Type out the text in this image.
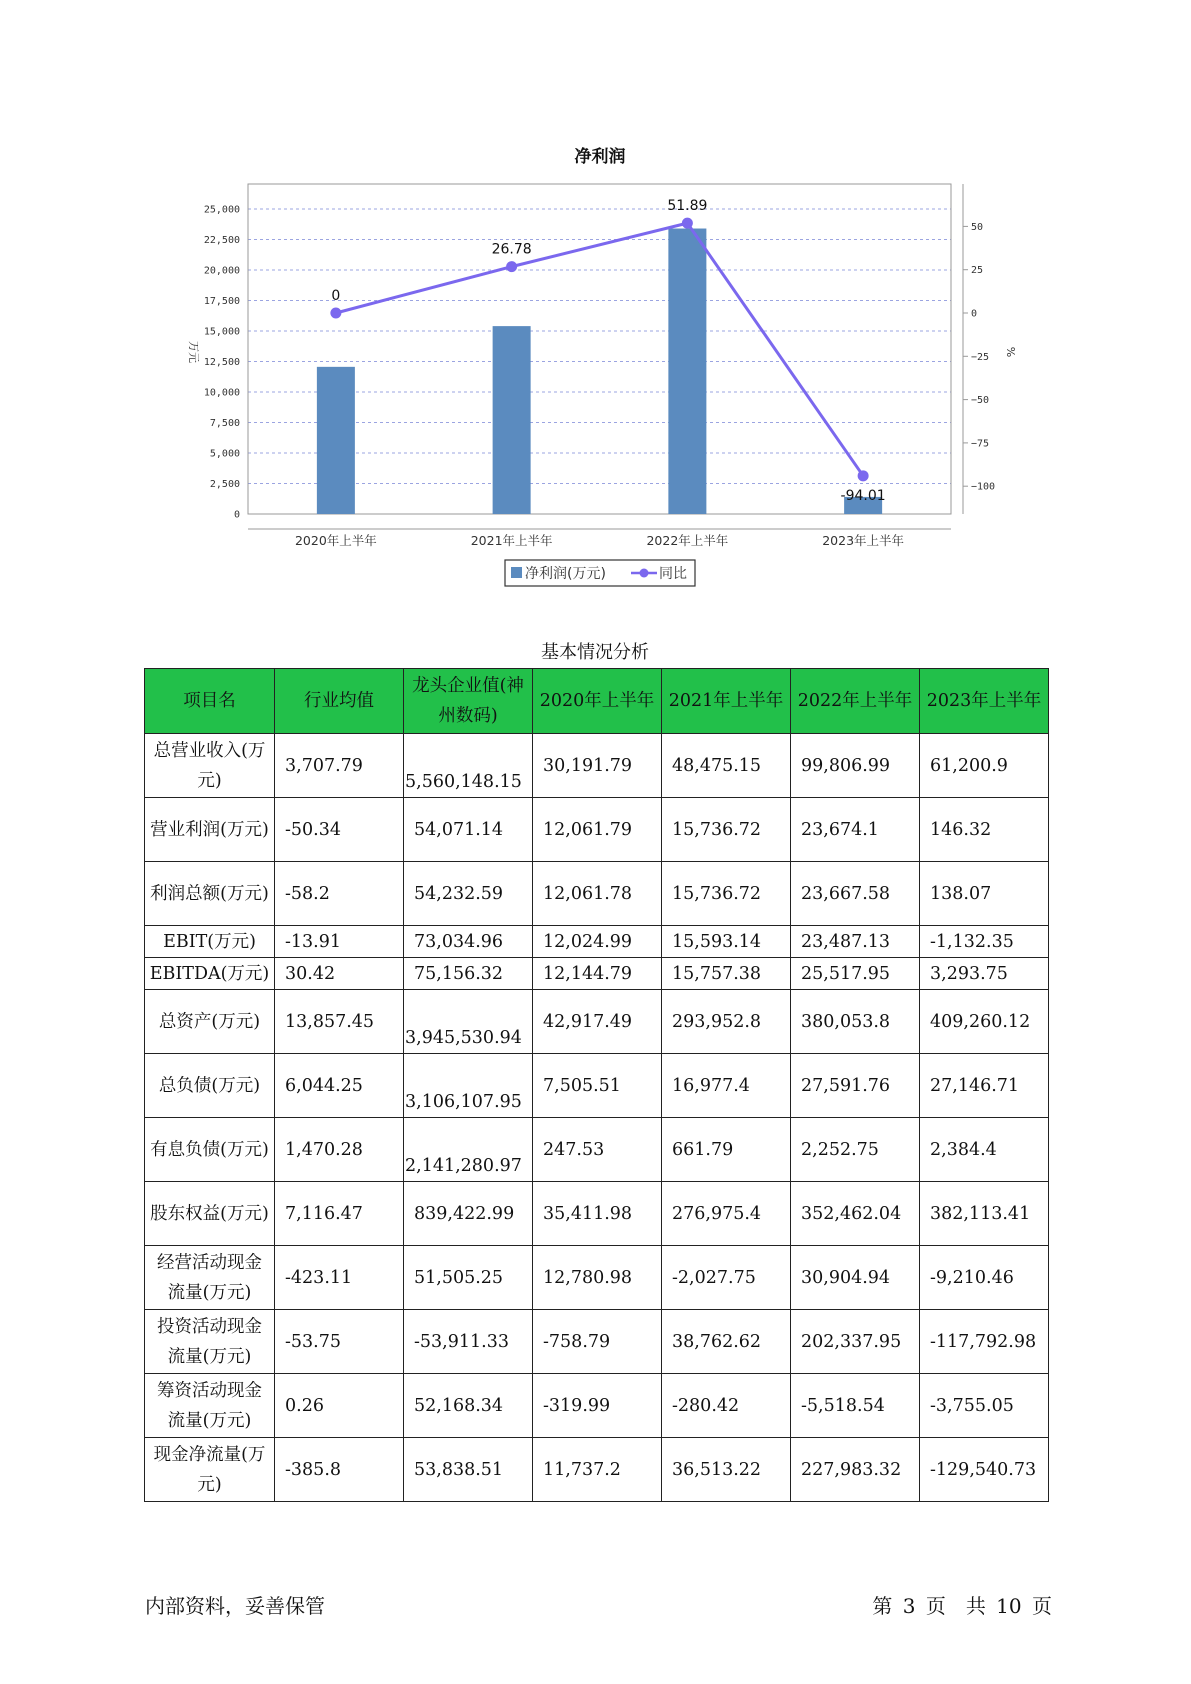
净利润
0
2,500
5,000
7,500
10,000
12,500
15,000
17,500
20,000
22,500
25,000
50
25
0
−25
−50
−75
−100
万元	%
0
26.78
51.89
-94.01
2020年上半年	2021年上半年	2022年上半年	2023年上半年
净利润(万元)	同比
基本情况分析
项目名	行业均值	龙头企业值(神州数码)	2020年上半年	2021年上半年	2022年上半年	2023年上半年
总营业收入(万元)	3,707.79	5,560,148.15	30,191.79	48,475.15	99,806.99	61,200.9
营业利润(万元)	-50.34	54,071.14	12,061.79	15,736.72	23,674.1	146.32
利润总额(万元)	-58.2	54,232.59	12,061.78	15,736.72	23,667.58	138.07
EBIT(万元)	-13.91	73,034.96	12,024.99	15,593.14	23,487.13	-1,132.35
EBITDA(万元)	30.42	75,156.32	12,144.79	15,757.38	25,517.95	3,293.75
总资产(万元)	13,857.45	3,945,530.94	42,917.49	293,952.8	380,053.8	409,260.12
总负债(万元)	6,044.25	3,106,107.95	7,505.51	16,977.4	27,591.76	27,146.71
有息负债(万元)	1,470.28	2,141,280.97	247.53	661.79	2,252.75	2,384.4
股东权益(万元)	7,116.47	839,422.99	35,411.98	276,975.4	352,462.04	382,113.41
经营活动现金流量(万元)	-423.11	51,505.25	12,780.98	-2,027.75	30,904.94	-9,210.46
投资活动现金流量(万元)	-53.75	-53,911.33	-758.79	38,762.62	202,337.95	-117,792.98
筹资活动现金流量(万元)	0.26	52,168.34	-319.99	-280.42	-5,518.54	-3,755.05
现金净流量(万元)	-385.8	53,838.51	11,737.2	36,513.22	227,983.32	-129,540.73
内部资料，妥善保管	第 3 页　共 10 页
